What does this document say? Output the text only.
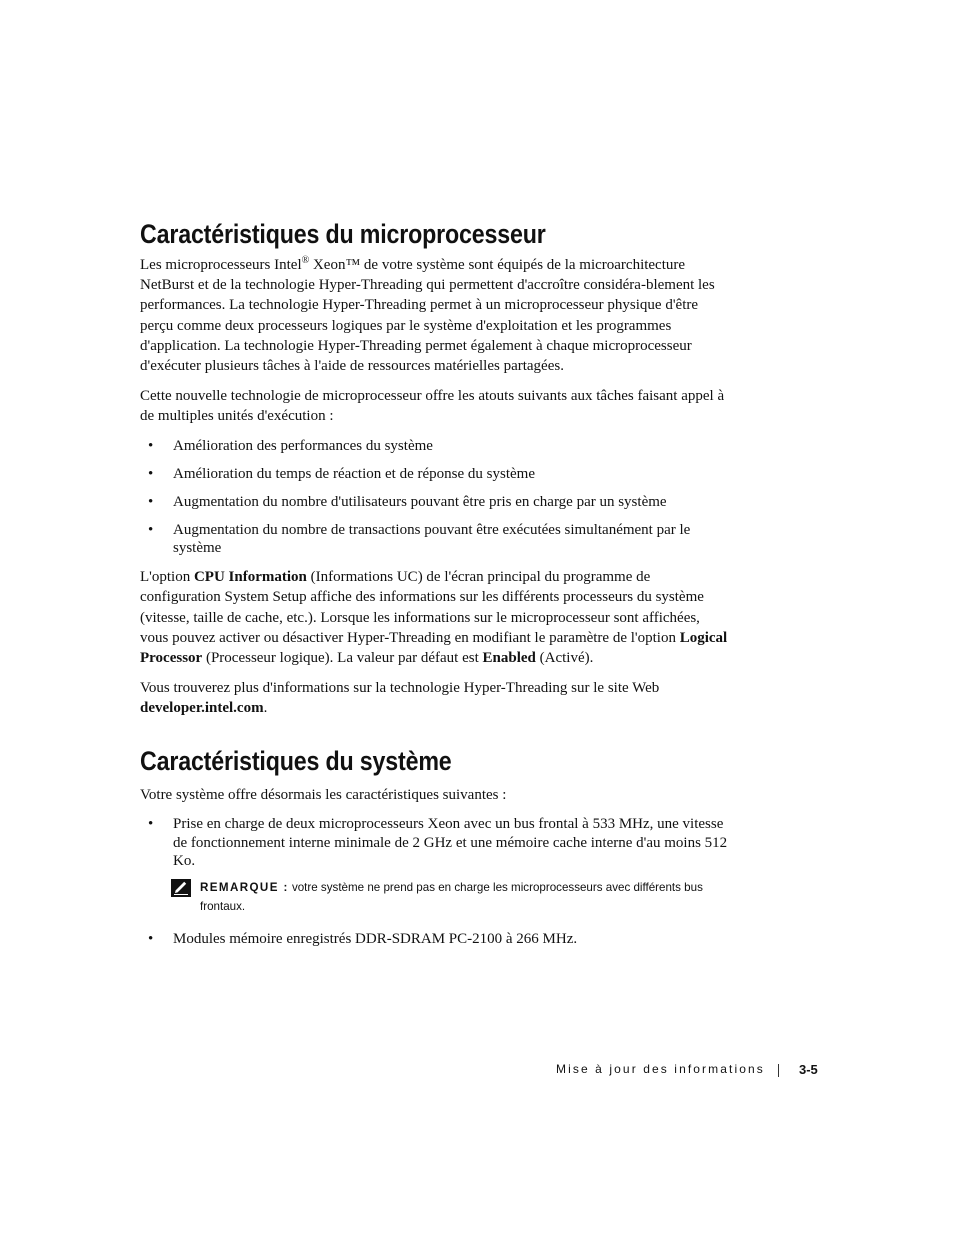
Caractéristiques du microprocesseur

Les microprocesseurs Intel® Xeon™ de votre système sont équipés de la microarchitecture NetBurst et de la technologie Hyper-Threading qui permettent d'accroître considéra-blement les performances. La technologie Hyper-Threading permet à un microprocesseur physique d'être perçu comme deux processeurs logiques par le système d'exploitation et les programmes d'application. La technologie Hyper-Threading permet également à chaque microprocesseur d'exécuter plusieurs tâches à l'aide de ressources matérielles partagées.

Cette nouvelle technologie de microprocesseur offre les atouts suivants aux tâches faisant appel à de multiples unités d'exécution :

• Amélioration des performances du système
• Amélioration du temps de réaction et de réponse du système
• Augmentation du nombre d'utilisateurs pouvant être pris en charge par un système
• Augmentation du nombre de transactions pouvant être exécutées simultanément par le système

L'option CPU Information (Informations UC) de l'écran principal du programme de configuration System Setup affiche des informations sur les différents processeurs du système (vitesse, taille de cache, etc.). Lorsque les informations sur le microprocesseur sont affichées, vous pouvez activer ou désactiver Hyper-Threading en modifiant le paramètre de l'option Logical Processor (Processeur logique). La valeur par défaut est Enabled (Activé).

Vous trouverez plus d'informations sur la technologie Hyper-Threading sur le site Web developer.intel.com.

Caractéristiques du système

Votre système offre désormais les caractéristiques suivantes :

• Prise en charge de deux microprocesseurs Xeon avec un bus frontal à 533 MHz, une vitesse de fonctionnement interne minimale de 2 GHz et une mémoire cache interne d'au moins 512 Ko.
REMARQUE : votre système ne prend pas en charge les microprocesseurs avec différents bus frontaux.
• Modules mémoire enregistrés DDR-SDRAM PC-2100 à 266 MHz.
Mise à jour des informations	3-5
